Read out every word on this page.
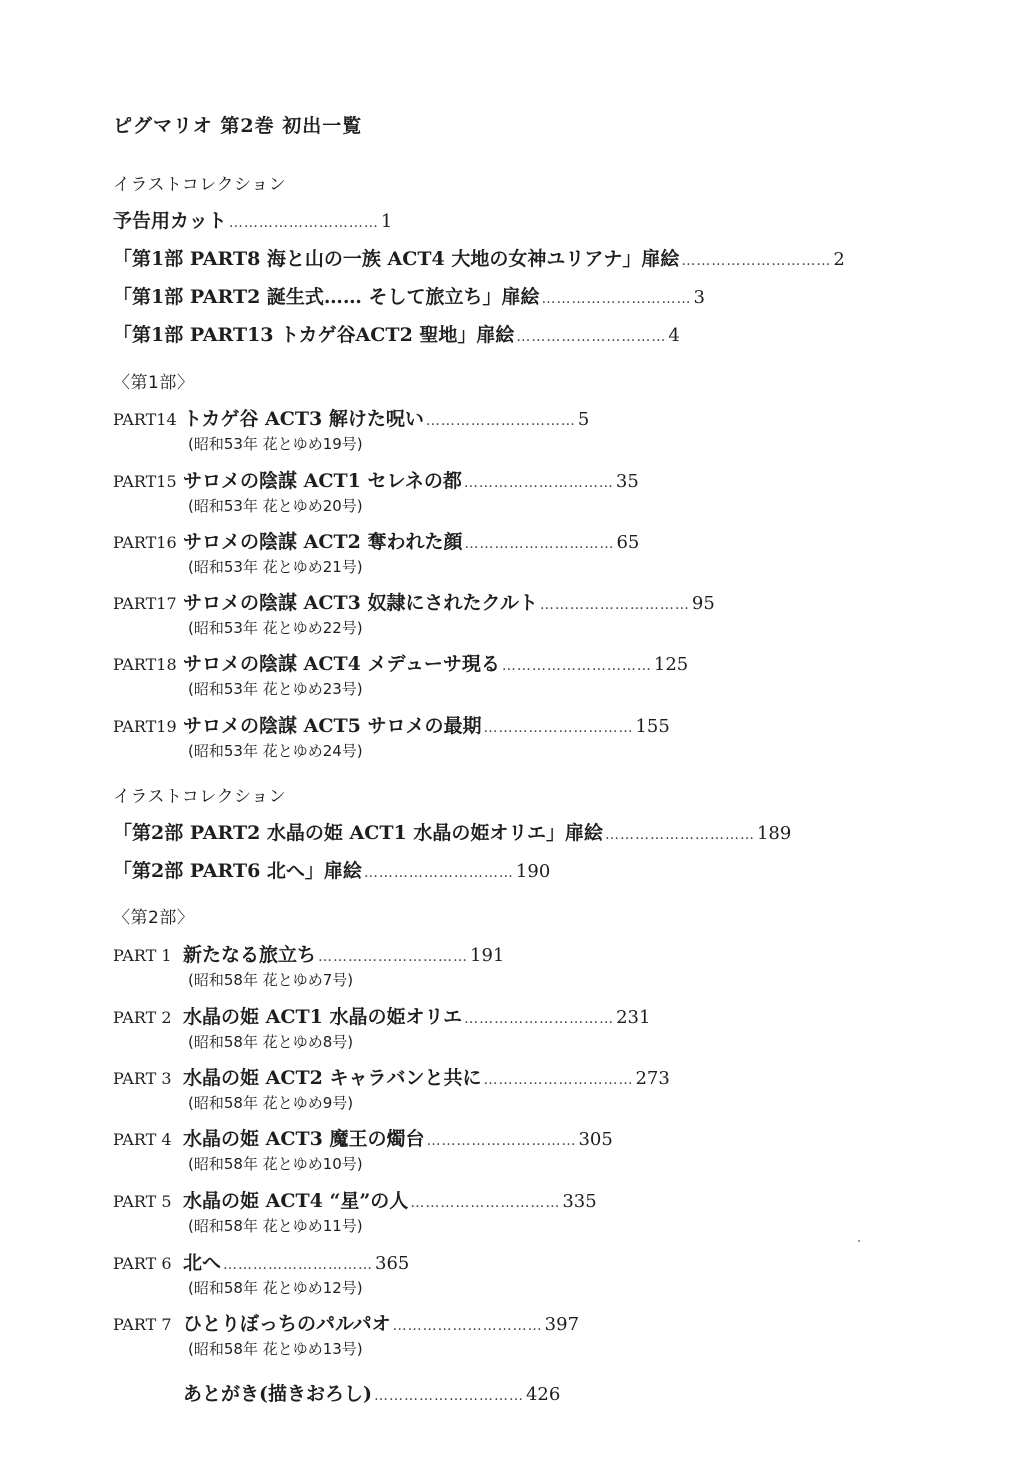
ピグマリオ 第2巻 初出一覧
イラストコレクション
予告用カット ………………………… 1
「第1部 PART8 海と山の一族 ACT4 大地の女神ユリアナ」扉絵 ………………………… 2
「第1部 PART2 誕生式…… そして旅立ち」扉絵 ………………………… 3
「第1部 PART13 トカゲ谷ACT2 聖地」扉絵 ………………………… 4
〈第1部〉
PART14 トカゲ谷 ACT3 解けた呪い ………………………… 5
(昭和53年 花とゆめ19号)
PART15 サロメの陰謀 ACT1 セレネの都 ………………………… 35
(昭和53年 花とゆめ20号)
PART16 サロメの陰謀 ACT2 奪われた顔 ………………………… 65
(昭和53年 花とゆめ21号)
PART17 サロメの陰謀 ACT3 奴隷にされたクルト ………………………… 95
(昭和53年 花とゆめ22号)
PART18 サロメの陰謀 ACT4 メデューサ現る ………………………… 125
(昭和53年 花とゆめ23号)
PART19 サロメの陰謀 ACT5 サロメの最期 ………………………… 155
(昭和53年 花とゆめ24号)
イラストコレクション
「第2部 PART2 水晶の姫 ACT1 水晶の姫オリエ」扉絵 ………………………… 189
「第2部 PART6 北へ」扉絵 ………………………… 190
〈第2部〉
PART 1 新たなる旅立ち ………………………… 191
(昭和58年 花とゆめ7号)
PART 2 水晶の姫 ACT1 水晶の姫オリエ ………………………… 231
(昭和58年 花とゆめ8号)
PART 3 水晶の姫 ACT2 キャラバンと共に ………………………… 273
(昭和58年 花とゆめ9号)
PART 4 水晶の姫 ACT3 魔王の燭台 ………………………… 305
(昭和58年 花とゆめ10号)
PART 5 水晶の姫 ACT4 “星”の人 ………………………… 335
(昭和58年 花とゆめ11号)
PART 6 北へ ………………………… 365
(昭和58年 花とゆめ12号)
PART 7 ひとりぼっちのパルパオ ………………………… 397
(昭和58年 花とゆめ13号)
あとがき(描きおろし) ………………………… 426
